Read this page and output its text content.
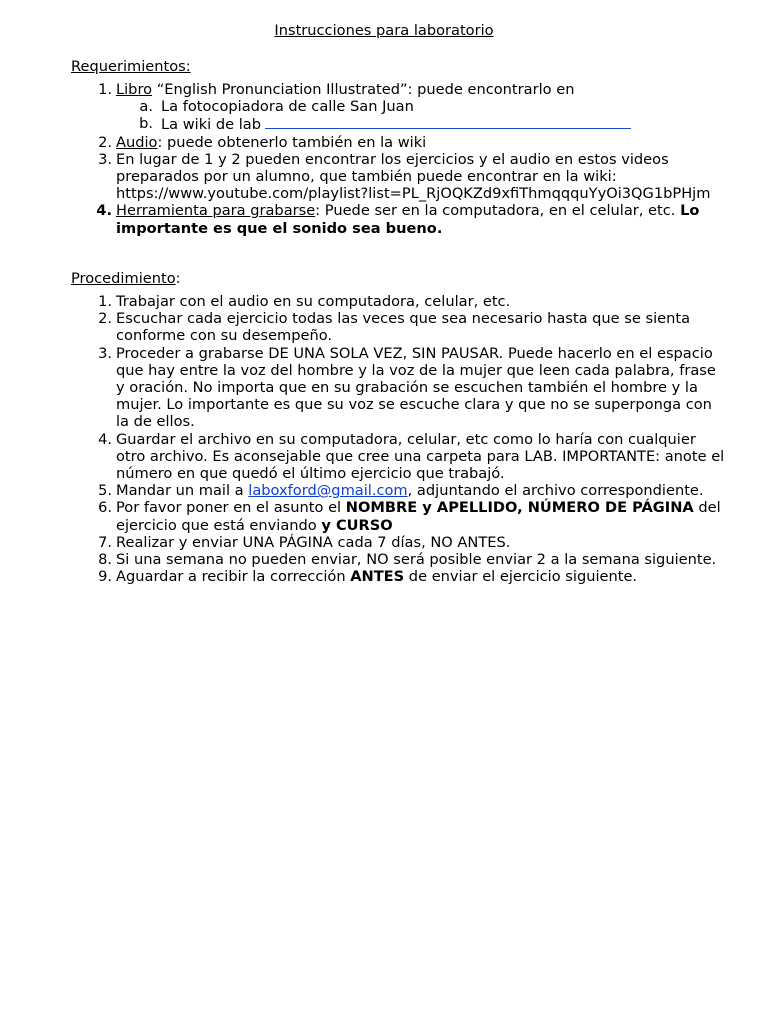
Instrucciones para laboratorio
Requerimientos:
1. Libro “English Pronunciation Illustrated”: puede encontrarlo en
a. La fotocopiadora de calle San Juan
b. La wiki de lab
2. Audio: puede obtenerlo también en la wiki
3. En lugar de 1 y 2 pueden encontrar los ejercicios y el audio en estos videos preparados por un alumno, que también puede encontrar en la wiki: https://www.youtube.com/playlist?list=PL_RjOQKZd9xfiThmqqquYyOi3QG1bPHjm
4. Herramienta para grabarse: Puede ser en la computadora, en el celular, etc. Lo importante es que el sonido sea bueno.
Procedimiento:
1. Trabajar con el audio en su computadora, celular, etc.
2. Escuchar cada ejercicio todas las veces que sea necesario hasta que se sienta conforme con su desempeño.
3. Proceder a grabarse DE UNA SOLA VEZ, SIN PAUSAR. Puede hacerlo en el espacio que hay entre la voz del hombre y la voz de la mujer que leen cada palabra, frase y oración. No importa que en su grabación se escuchen también el hombre y la mujer. Lo importante es que su voz se escuche clara y que no se superponga con la de ellos.
4. Guardar el archivo en su computadora, celular, etc como lo haría con cualquier otro archivo. Es aconsejable que cree una carpeta para LAB. IMPORTANTE: anote el número en que quedó el último ejercicio que trabajó.
5. Mandar un mail a laboxford@gmail.com, adjuntando el archivo correspondiente.
6. Por favor poner en el asunto el NOMBRE y APELLIDO, NÚMERO DE PÁGINA del ejercicio que está enviando y CURSO
7. Realizar y enviar UNA PÁGINA cada 7 días, NO ANTES.
8. Si una semana no pueden enviar, NO será posible enviar 2 a la semana siguiente.
9. Aguardar a recibir la corrección ANTES de enviar el ejercicio siguiente.
